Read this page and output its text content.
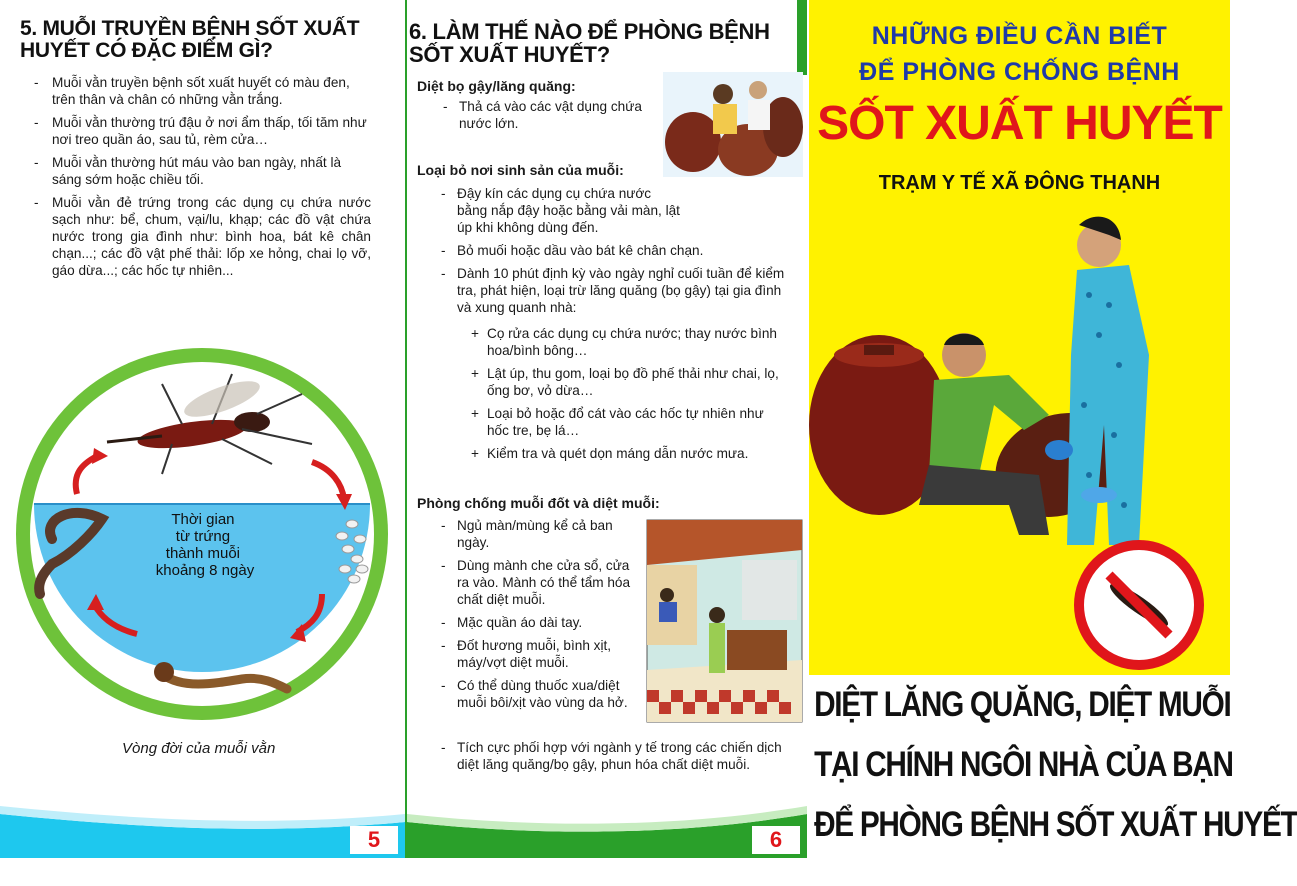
5. MUỖI TRUYỀN BỆNH SỐT XUẤT HUYẾT CÓ ĐẶC ĐIỂM GÌ?
- Muỗi vằn truyền bệnh sốt xuất huyết có màu đen, trên thân và chân có những vằn trắng.
- Muỗi vằn thường trú đậu ở nơi ẩm thấp, tối tăm như nơi treo quần áo, sau tủ, rèm cửa…
- Muỗi vằn thường hút máu vào ban ngày, nhất là sáng sớm hoặc chiều tối.
- Muỗi vằn đẻ trứng trong các dụng cụ chứa nước sạch như: bể, chum, vại/lu, khạp; các đồ vật chứa nước trong gia đình như: bình hoa, bát kê chân chạn...; các đồ vật phế thải: lốp xe hỏng, chai lọ vỡ, gáo dừa...; các hốc tự nhiên...
Thời gian từ trứng thành muỗi khoảng 8 ngày
Vòng đời của muỗi vằn
5
6. LÀM THẾ NÀO ĐỂ PHÒNG BỆNH SỐT XUẤT HUYẾT?
Diệt bọ gậy/lăng quăng:
- Thả cá vào các vật dụng chứa nước lớn.
Loại bỏ nơi sinh sản của muỗi:
- Đậy kín các dụng cụ chứa nước bằng nắp đậy hoặc bằng vải màn, lật úp khi không dùng đến.
- Bỏ muối hoặc dầu vào bát kê chân chạn.
- Dành 10 phút định kỳ vào ngày nghỉ cuối tuần để kiểm tra, phát hiện, loại trừ lăng quăng (bọ gậy) tại gia đình và xung quanh nhà:
+ Cọ rửa các dụng cụ chứa nước; thay nước bình hoa/bình bông…
+ Lật úp, thu gom, loại bọ đồ phế thải như chai, lọ, ống bơ, vỏ dừa…
+ Loại bỏ hoặc đổ cát vào các hốc tự nhiên như hốc tre, bẹ lá…
+ Kiểm tra và quét dọn máng dẫn nước mưa.
Phòng chống muỗi đốt và diệt muỗi:
- Ngủ màn/mùng kể cả ban ngày.
- Dùng mành che cửa sổ, cửa ra vào. Mành có thể tẩm hóa chất diệt muỗi.
- Mặc quần áo dài tay.
- Đốt hương muỗi, bình xịt, máy/vợt diệt muỗi.
- Có thể dùng thuốc xua/diệt muỗi bôi/xịt vào vùng da hở.
- Tích cực phối hợp với ngành y tế trong các chiến dịch diệt lăng quăng/bọ gậy, phun hóa chất diệt muỗi.
6
NHỮNG ĐIỀU CẦN BIẾT
ĐỂ PHÒNG CHỐNG BỆNH
SỐT XUẤT HUYẾT
TRẠM Y TẾ XÃ ĐÔNG THẠNH
DIỆT LĂNG QUĂNG, DIỆT MUỖI
TẠI CHÍNH NGÔI NHÀ CỦA BẠN
ĐỂ PHÒNG BỆNH SỐT XUẤT HUYẾT
